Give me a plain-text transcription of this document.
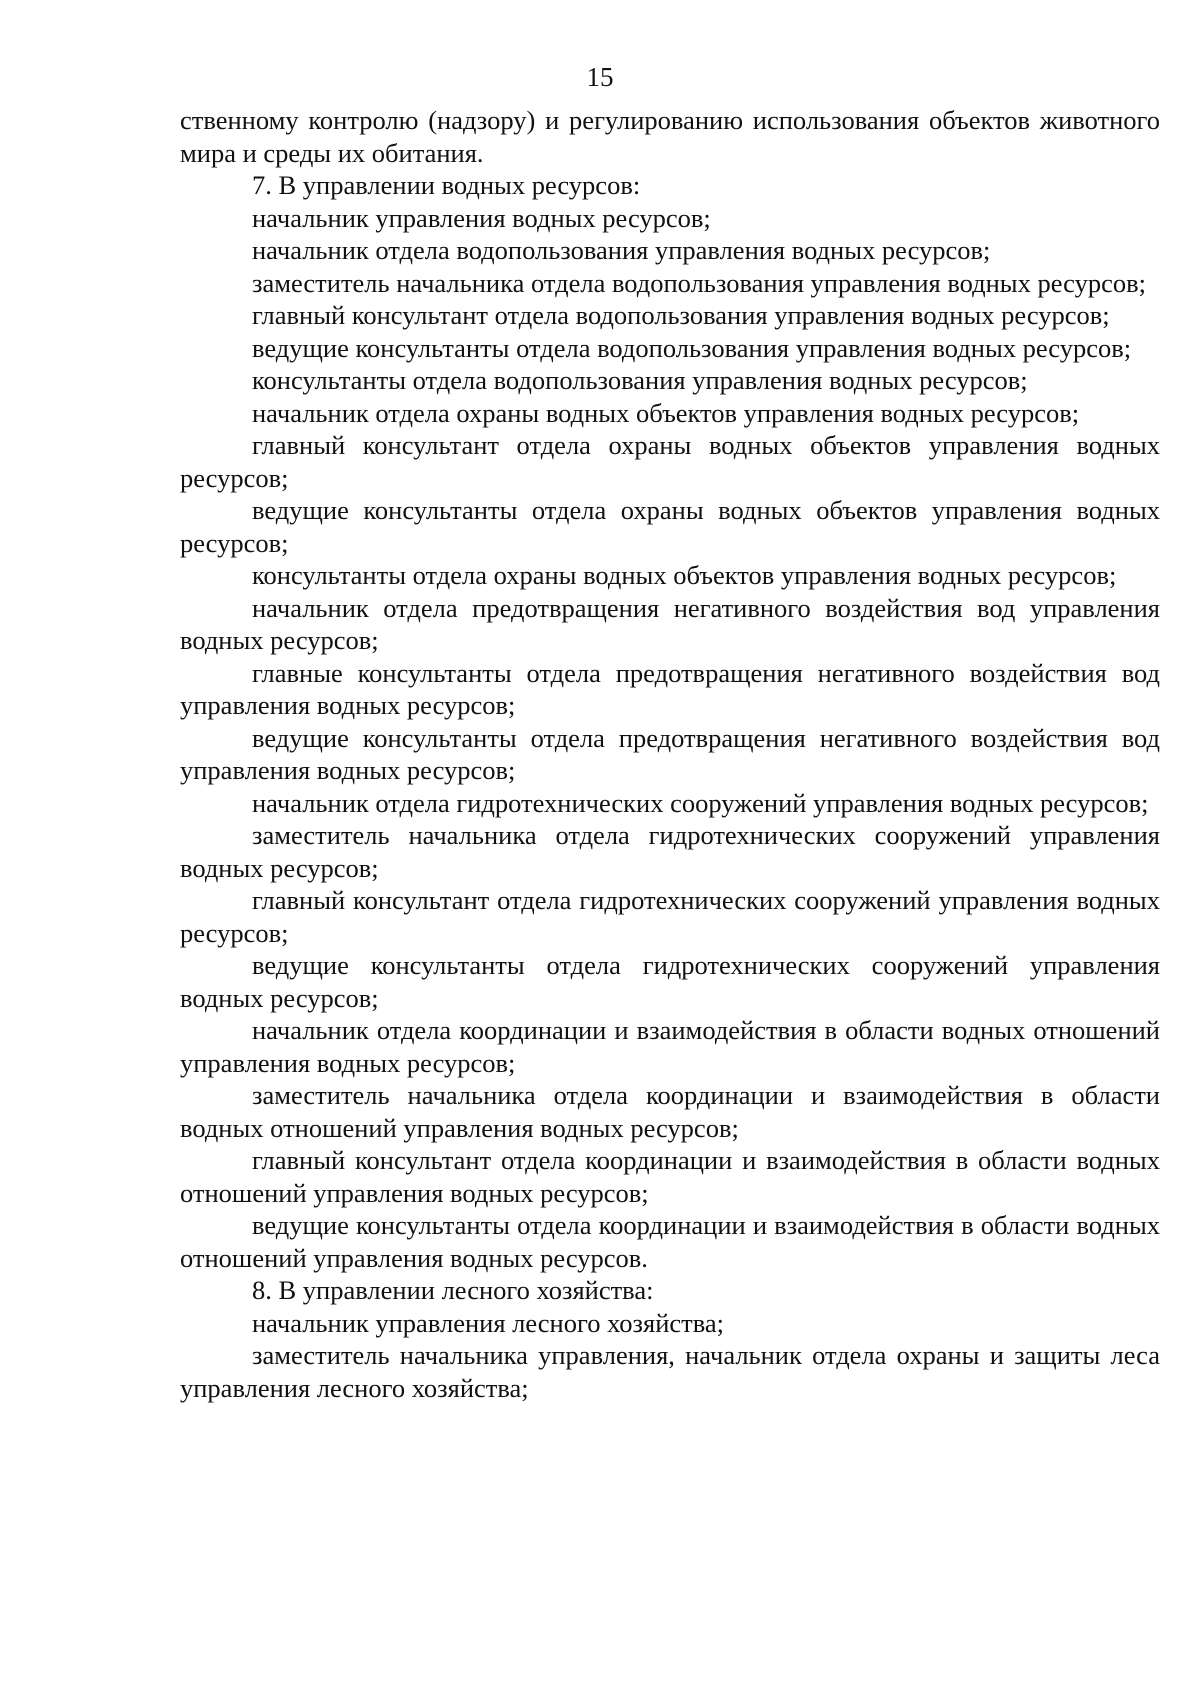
15

ственному контролю (надзору) и регулированию использования объектов животного мира и среды их обитания.

7. В управлении водных ресурсов:

начальник управления водных ресурсов;

начальник отдела водопользования управления водных ресурсов;

заместитель начальника отдела водопользования управления водных ресурсов;

главный консультант отдела водопользования управления водных ресурсов;

ведущие консультанты отдела водопользования управления водных ресурсов;

консультанты отдела водопользования управления водных ресурсов;

начальник отдела охраны водных объектов управления водных ресурсов;

главный консультант отдела охраны водных объектов управления водных ресурсов;

ведущие консультанты отдела охраны водных объектов управления водных ресурсов;

консультанты отдела охраны водных объектов управления водных ресурсов;

начальник отдела предотвращения негативного воздействия вод управления водных ресурсов;

главные консультанты отдела предотвращения негативного воздействия вод управления водных ресурсов;

ведущие консультанты отдела предотвращения негативного воздействия вод управления водных ресурсов;

начальник отдела гидротехнических сооружений управления водных ресурсов;

заместитель начальника отдела гидротехнических сооружений управления водных ресурсов;

главный консультант отдела гидротехнических сооружений управления водных ресурсов;

ведущие консультанты отдела гидротехнических сооружений управления водных ресурсов;

начальник отдела координации и взаимодействия в области водных отношений управления водных ресурсов;

заместитель начальника отдела координации и взаимодействия в области водных отношений управления водных ресурсов;

главный консультант отдела координации и взаимодействия в области водных отношений управления водных ресурсов;

ведущие консультанты отдела координации и взаимодействия в области водных отношений управления водных ресурсов.

8. В управлении лесного хозяйства:

начальник управления лесного хозяйства;

заместитель начальника управления, начальник отдела охраны и защиты леса управления лесного хозяйства;
